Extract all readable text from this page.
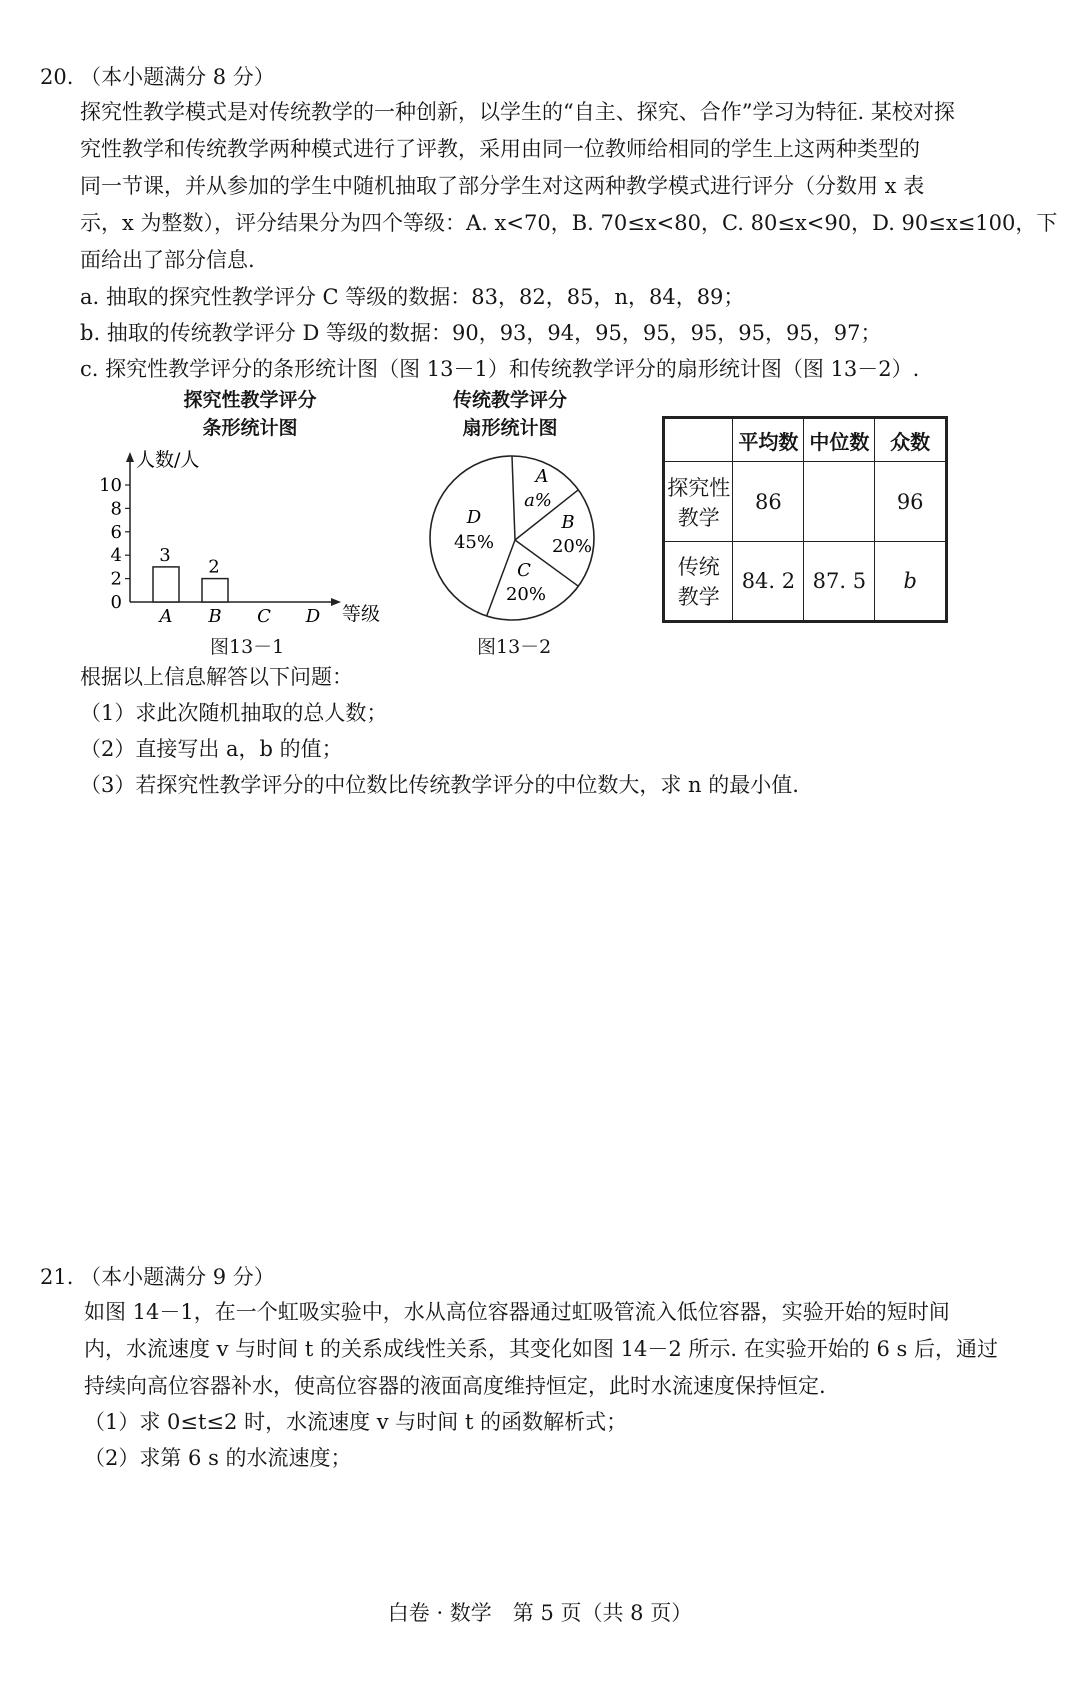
20. （本小题满分 8 分）
探究性教学模式是对传统教学的一种创新，以学生的“自主、探究、合作”学习为特征. 某校对探
究性教学和传统教学两种模式进行了评教，采用由同一位教师给相同的学生上这两种类型的
同一节课，并从参加的学生中随机抽取了部分学生对这两种教学模式进行评分（分数用 x 表
示，x 为整数），评分结果分为四个等级：A. x<70，B. 70≤x<80，C. 80≤x<90，D. 90≤x≤100，下
面给出了部分信息.
a. 抽取的探究性教学评分 C 等级的数据：83，82，85，n，84，89；
b. 抽取的传统教学评分 D 等级的数据：90，93，94，95，95，95，95，95，97；
c. 探究性教学评分的条形统计图（图 13－1）和传统教学评分的扇形统计图（图 13－2）.
探究性教学评分
条形统计图
人数/人
0
2
4
6
8
10
A
3
B
2
C D 等级
图13－1
传统教学评分
扇形统计图
A
a%
B
20%
C
20%
D
45%
图13－2
	平均数	中位数	众数

探究性
教学	86		96

传统
教学	84. 2	87. 5	b
根据以上信息解答以下问题：
（1）求此次随机抽取的总人数；
（2）直接写出 a，b 的值；
（3）若探究性教学评分的中位数比传统教学评分的中位数大，求 n 的最小值.
21. （本小题满分 9 分）
如图 14－1，在一个虹吸实验中，水从高位容器通过虹吸管流入低位容器，实验开始的短时间
内，水流速度 v 与时间 t 的关系成线性关系，其变化如图 14－2 所示. 在实验开始的 6 s 后，通过
持续向高位容器补水，使高位容器的液面高度维持恒定，此时水流速度保持恒定.
（1）求 0≤t≤2 时，水流速度 v 与时间 t 的函数解析式；
（2）求第 6 s 的水流速度；
白卷 · 数学　第 5 页（共 8 页）
